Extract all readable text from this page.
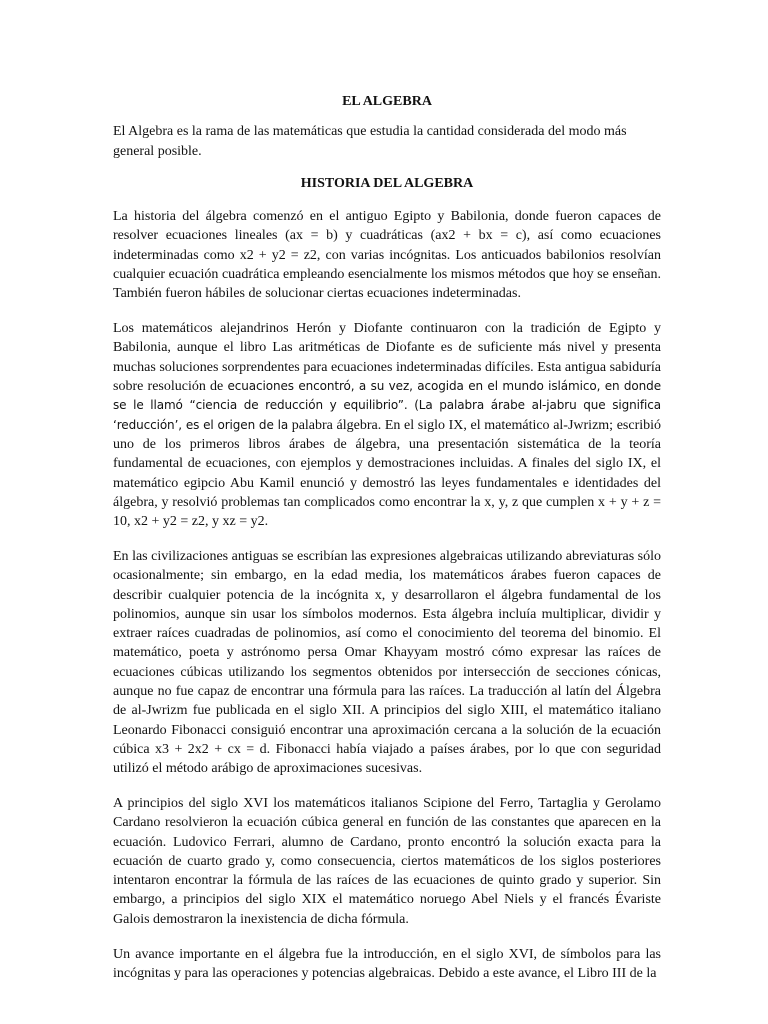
EL ALGEBRA

El Algebra es la rama de las matemáticas que estudia la cantidad considerada del modo más general posible.

HISTORIA DEL ALGEBRA

La historia del álgebra comenzó en el antiguo Egipto y Babilonia, donde fueron capaces de resolver ecuaciones lineales (ax = b) y cuadráticas (ax2 + bx = c), así como ecuaciones indeterminadas como x2 + y2 = z2, con varias incógnitas. Los anticuados babilonios resolvían cualquier ecuación cuadrática empleando esencialmente los mismos métodos que hoy se enseñan. También fueron hábiles de solucionar ciertas ecuaciones indeterminadas.

Los matemáticos alejandrinos Herón y Diofante continuaron con la tradición de Egipto y Babilonia, aunque el libro Las aritméticas de Diofante es de suficiente más nivel y presenta muchas soluciones sorprendentes para ecuaciones indeterminadas difíciles. Esta antigua sabiduría sobre resolución de ecuaciones encontró, a su vez, acogida en el mundo islámico, en donde se le llamó “ciencia de reducción y equilibrio”. (La palabra árabe al-jabru que significa ‘reducción’, es el origen de la palabra álgebra. En el siglo IX, el matemático al-Jwrizm; escribió uno de los primeros libros árabes de álgebra, una presentación sistemática de la teoría fundamental de ecuaciones, con ejemplos y demostraciones incluidas. A finales del siglo IX, el matemático egipcio Abu Kamil enunció y demostró las leyes fundamentales e identidades del álgebra, y resolvió problemas tan complicados como encontrar la x, y, z que cumplen x + y + z = 10, x2 + y2 = z2, y xz = y2.

En las civilizaciones antiguas se escribían las expresiones algebraicas utilizando abreviaturas sólo ocasionalmente; sin embargo, en la edad media, los matemáticos árabes fueron capaces de describir cualquier potencia de la incógnita x, y desarrollaron el álgebra fundamental de los polinomios, aunque sin usar los símbolos modernos. Esta álgebra incluía multiplicar, dividir y extraer raíces cuadradas de polinomios, así como el conocimiento del teorema del binomio. El matemático, poeta y astrónomo persa Omar Khayyam mostró cómo expresar las raíces de ecuaciones cúbicas utilizando los segmentos obtenidos por intersección de secciones cónicas, aunque no fue capaz de encontrar una fórmula para las raíces. La traducción al latín del Álgebra de al-Jwrizm fue publicada en el siglo XII. A principios del siglo XIII, el matemático italiano Leonardo Fibonacci consiguió encontrar una aproximación cercana a la solución de la ecuación cúbica x3 + 2x2 + cx = d. Fibonacci había viajado a países árabes, por lo que con seguridad utilizó el método arábigo de aproximaciones sucesivas.

A principios del siglo XVI los matemáticos italianos Scipione del Ferro, Tartaglia y Gerolamo Cardano resolvieron la ecuación cúbica general en función de las constantes que aparecen en la ecuación. Ludovico Ferrari, alumno de Cardano, pronto encontró la solución exacta para la ecuación de cuarto grado y, como consecuencia, ciertos matemáticos de los siglos posteriores intentaron encontrar la fórmula de las raíces de las ecuaciones de quinto grado y superior. Sin embargo, a principios del siglo XIX el matemático noruego Abel Niels y el francés Évariste Galois demostraron la inexistencia de dicha fórmula.

Un avance importante en el álgebra fue la introducción, en el siglo XVI, de símbolos para las incógnitas y para las operaciones y potencias algebraicas. Debido a este avance, el Libro III de la
